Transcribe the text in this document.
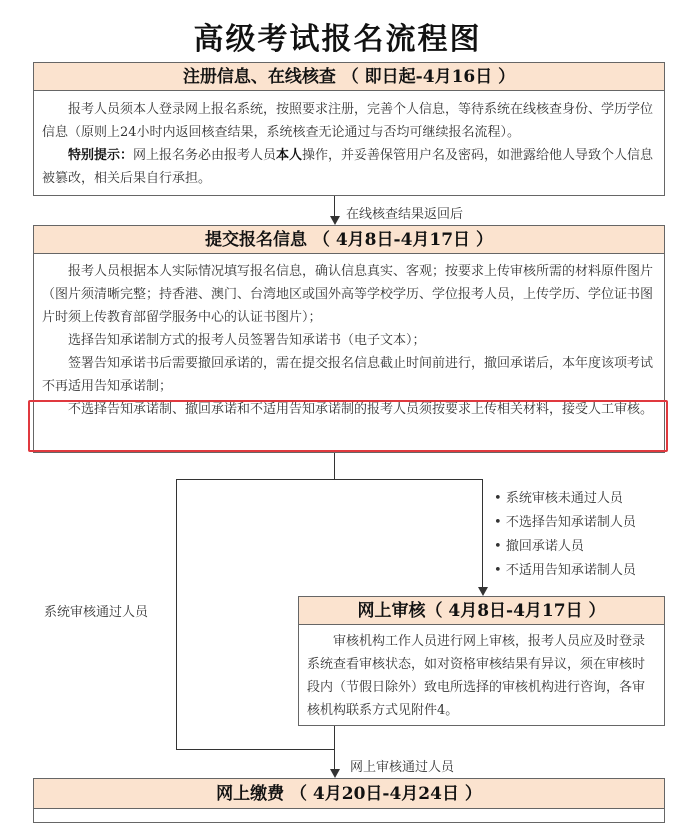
高级考试报名流程图
注册信息、在线核查 （ 即日起-4月16日 ）

报考人员须本人登录网上报名系统，按照要求注册，完善个人信息，等待系统在线核查身份、学历学位信息（原则上24小时内返回核查结果，系统核查无论通过与否均可继续报名流程）。

特别提示：网上报名务必由报考人员本人操作，并妥善保管用户名及密码，如泄露给他人导致个人信息被篡改，相关后果自行承担。

在线核查结果返回后
提交报名信息 （ 4月8日-4月17日 ）

报考人员根据本人实际情况填写报名信息，确认信息真实、客观；按要求上传审核所需的材料原件图片（图片须清晰完整；持香港、澳门、台湾地区或国外高等学校学历、学位报考人员，上传学历、学位证书图片时须上传教育部留学服务中心的认证书图片）；

选择告知承诺制方式的报考人员签署告知承诺书（电子文本）；

签署告知承诺书后需要撤回承诺的，需在提交报名信息截止时间前进行，撤回承诺后，本年度该项考试不再适用告知承诺制；

不选择告知承诺制、撤回承诺和不适用告知承诺制的报考人员须按要求上传相关材料，接受人工审核。

系统审核通过人员
• 系统审核未通过人员
• 不选择告知承诺制人员
• 撤回承诺人员
• 不适用告知承诺制人员
网上审核（ 4月8日-4月17日 ）

审核机构工作人员进行网上审核，报考人员应及时登录系统查看审核状态，如对资格审核结果有异议，须在审核时段内（节假日除外）致电所选择的审核机构进行咨询，各审核机构联系方式见附件4。

网上审核通过人员
网上缴费 （ 4月20日-4月24日 ）
